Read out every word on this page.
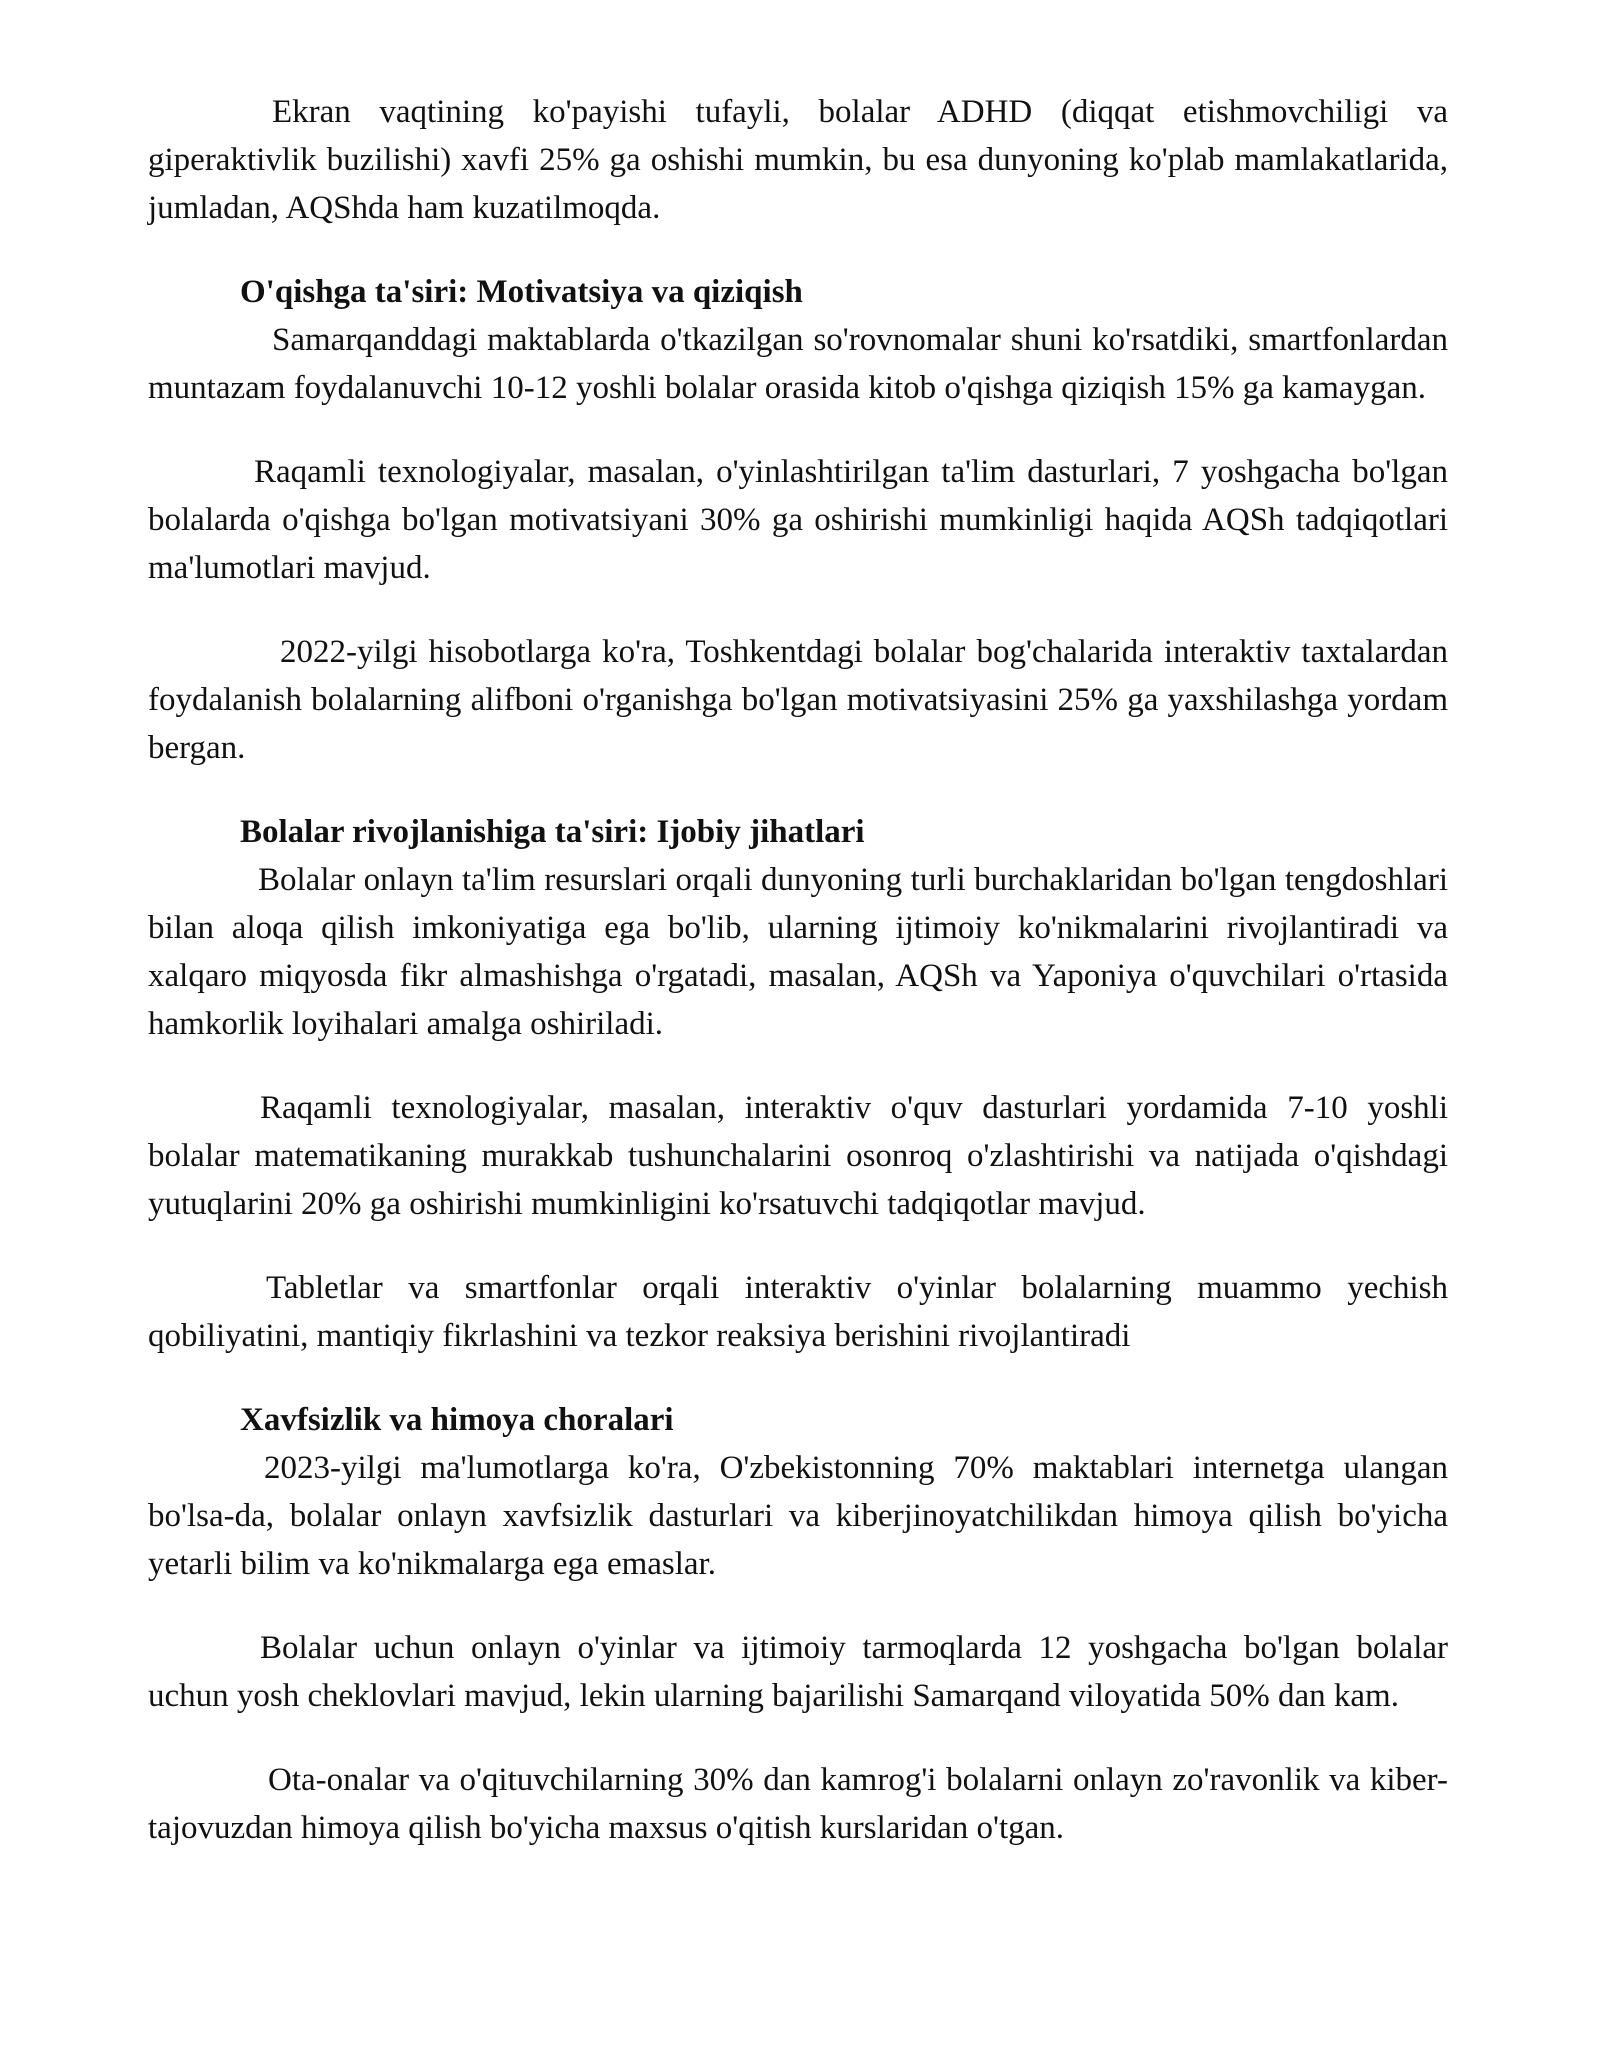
Ekran vaqtining ko'payishi tufayli, bolalar ADHD (diqqat etishmovchiligi va giperaktivlik buzilishi) xavfi 25% ga oshishi mumkin, bu esa dunyoning ko'plab mamlakatlarida, jumladan, AQShda ham kuzatilmoqda.

O'qishga ta'siri: Motivatsiya va qiziqish

Samarqanddagi maktablarda o'tkazilgan so'rovnomalar shuni ko'rsatdiki, smartfonlardan muntazam foydalanuvchi 10-12 yoshli bolalar orasida kitob o'qishga qiziqish 15% ga kamaygan.

Raqamli texnologiyalar, masalan, o'yinlashtirilgan ta'lim dasturlari, 7 yoshgacha bo'lgan bolalarda o'qishga bo'lgan motivatsiyani 30% ga oshirishi mumkinligi haqida AQSh tadqiqotlari ma'lumotlari mavjud.

2022-yilgi hisobotlarga ko'ra, Toshkentdagi bolalar bog'chalarida interaktiv taxtalardan foydalanish bolalarning alifboni o'rganishga bo'lgan motivatsiyasini 25% ga yaxshilashga yordam bergan.

Bolalar rivojlanishiga ta'siri: Ijobiy jihatlari

Bolalar onlayn ta'lim resurslari orqali dunyoning turli burchaklaridan bo'lgan tengdoshlari bilan aloqa qilish imkoniyatiga ega bo'lib, ularning ijtimoiy ko'nikmalarini rivojlantiradi va xalqaro miqyosda fikr almashishga o'rgatadi, masalan, AQSh va Yaponiya o'quvchilari o'rtasida hamkorlik loyihalari amalga oshiriladi.

Raqamli texnologiyalar, masalan, interaktiv o'quv dasturlari yordamida 7-10 yoshli bolalar matematikaning murakkab tushunchalarini osonroq o'zlashtirishi va natijada o'qishdagi yutuqlarini 20% ga oshirishi mumkinligini ko'rsatuvchi tadqiqotlar mavjud.

Tabletlar va smartfonlar orqali interaktiv o'yinlar bolalarning muammo yechish qobiliyatini, mantiqiy fikrlashini va tezkor reaksiya berishini rivojlantiradi

Xavfsizlik va himoya choralari

2023-yilgi ma'lumotlarga ko'ra, O'zbekistonning 70% maktablari internetga ulangan bo'lsa-da, bolalar onlayn xavfsizlik dasturlari va kiberjinoyatchilikdan himoya qilish bo'yicha yetarli bilim va ko'nikmalarga ega emaslar.

Bolalar uchun onlayn o'yinlar va ijtimoiy tarmoqlarda 12 yoshgacha bo'lgan bolalar uchun yosh cheklovlari mavjud, lekin ularning bajarilishi Samarqand viloyatida 50% dan kam.

Ota-onalar va o'qituvchilarning 30% dan kamrog'i bolalarni onlayn zo'ravonlik va kiber-tajovuzdan himoya qilish bo'yicha maxsus o'qitish kurslaridan o'tgan.
